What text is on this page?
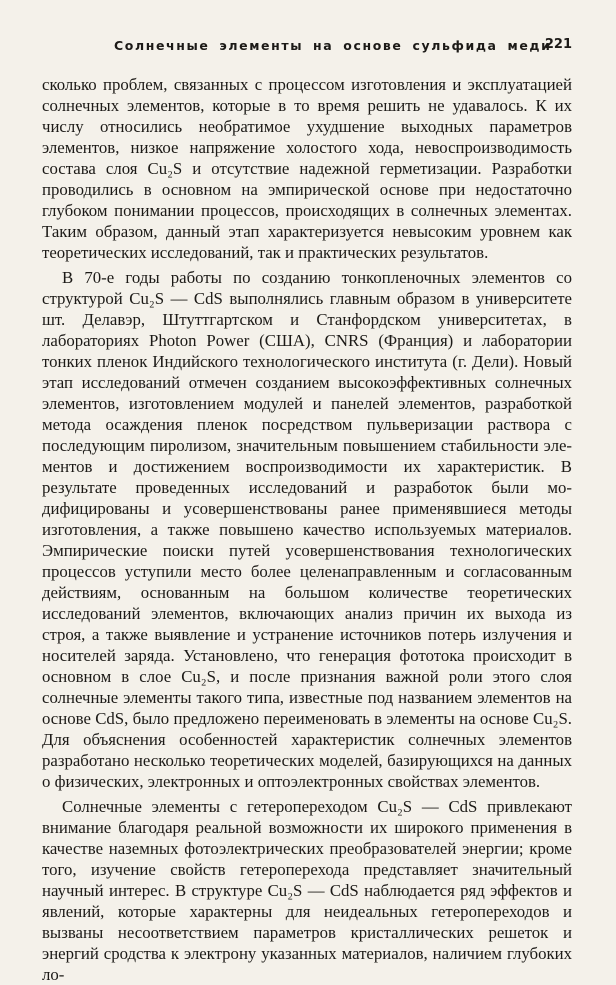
Солнечные элементы на основе сульфида меди
221

сколько проблем, связанных с процессом изготовления и эксплуатацией солнечных элементов, которые в то время решить не удавалось. К их числу относились необратимое ухудшение выходных параметров элементов, низкое напряжение холостого хода, невоспроизводимость состава слоя Cu₂S и отсутствие надежной герметизации. Разработки проводились в основном на эмпирической основе при недостаточно глубоком понимании процессов, происходящих в солнечных элементах. Таким образом, данный этап характеризуется невысоким уровнем как теоретических исследований, так и практических результатов.

В 70-е годы работы по созданию тонкопленочных элементов со структурой Cu₂S — CdS выполнялись главным образом в университете шт. Делавэр, Штуттгартском и Станфордском университетах, в лабораториях Photon Power (США), CNRS (Франция) и лаборатории тонких пленок Индийского технологического института (г. Дели). Новый этап исследований отмечен созданием высокоэффективных солнечных элементов, изготовлением модулей и панелей элементов, разработкой метода осаждения пленок посредством пульверизации раствора с последующим пиролизом, значительным повышением стабильности элементов и достижением воспроизводимости их характеристик. В результате проведенных исследований и разработок были модифицированы и усовершенствованы ранее применявшиеся методы изготовления, а также повышено качество используемых материалов. Эмпирические поиски путей усовершенствования технологических процессов уступили место более целенаправленным и согласованным действиям, основанным на большом количестве теоретических исследований элементов, включающих анализ причин их выхода из строя, а также выявление и устранение источников потерь излучения и носителей заряда. Установлено, что генерация фототока происходит в основном в слое Cu₂S, и после признания важной роли этого слоя солнечные элементы такого типа, известные под названием элементов на основе CdS, было предложено переименовать в элементы на основе Cu₂S. Для объяснения особенностей характеристик солнечных элементов разработано несколько теоретических моделей, базирующихся на данных о физических, электронных и оптоэлектронных свойствах элементов.

Солнечные элементы с гетеропереходом Cu₂S — CdS привлекают внимание благодаря реальной возможности их широкого применения в качестве наземных фотоэлектрических преобразователей энергии; кроме того, изучение свойств гетероперехода представляет значительный научный интерес. В структуре Cu₂S — CdS наблюдается ряд эффектов и явлений, которые характерны для неидеальных гетеропереходов и вызваны несоответствием параметров кристаллических решеток и энергий сродства к электрону указанных материалов, наличием глубоких ло-
